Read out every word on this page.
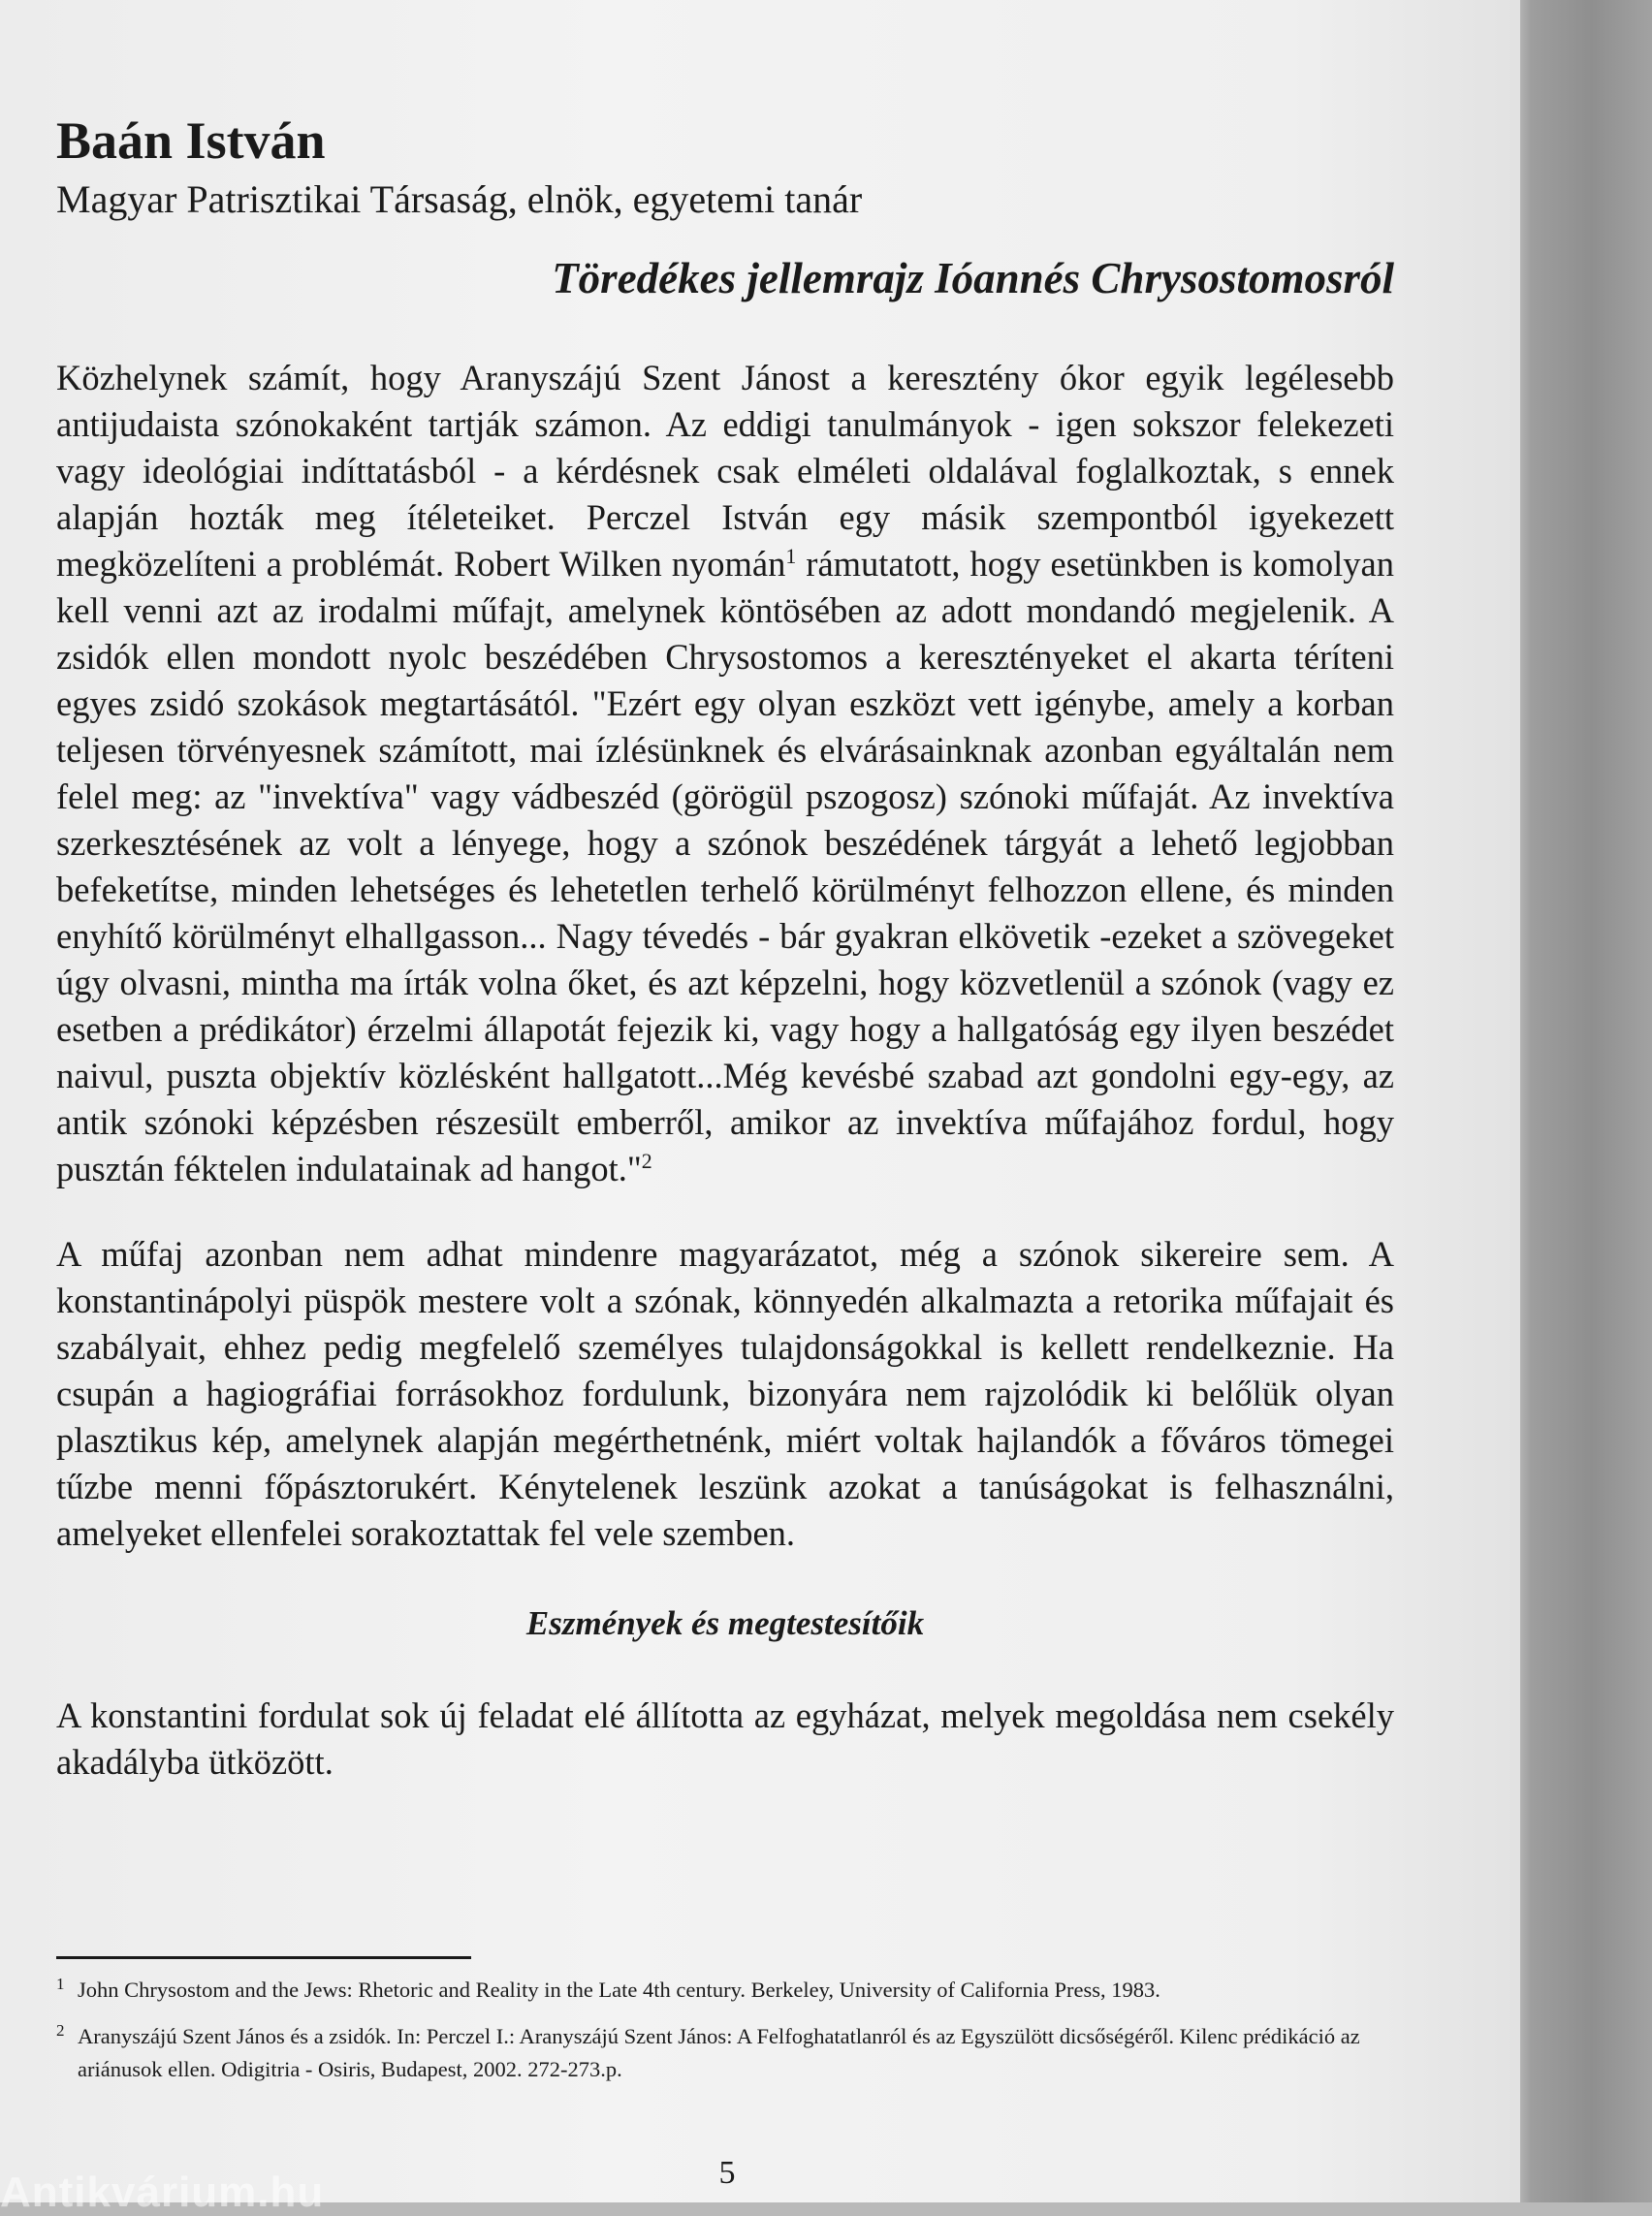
Baán István

Magyar Patrisztikai Társaság, elnök, egyetemi tanár

Töredékes jellemrajz Ióannés Chrysostomosról

Közhelynek számít, hogy Aranyszájú Szent Jánost a keresztény ókor egyik legélesebb antijudaista szónokaként tartják számon. Az eddigi tanulmányok - igen sokszor felekezeti vagy ideológiai indíttatásból - a kérdésnek csak elméleti oldalával foglalkoztak, s ennek alapján hozták meg ítéleteiket. Perczel István egy másik szempontból igyekezett megközelíteni a problémát. Robert Wilken nyomán$^1$ rámutatott, hogy esetünkben is komolyan kell venni azt az irodalmi műfajt, amelynek köntösében az adott mondandó megjelenik. A zsidók ellen mondott nyolc beszédében Chrysostomos a keresztényeket el akarta téríteni egyes zsidó szokások megtartásától. "Ezért egy olyan eszközt vett igénybe, amely a korban teljesen törvényesnek számított, mai ízlésünknek és elvárásainknak azonban egyáltalán nem felel meg: az "invektíva" vagy vádbeszéd (görögül pszogosz) szónoki műfaját. Az invektíva szerkesztésének az volt a lényege, hogy a szónok beszédének tárgyát a lehető legjobban befeketítse, minden lehetséges és lehetetlen terhelő körülményt felhozzon ellene, és minden enyhítő körülményt elhallgasson... Nagy tévedés - bár gyakran elkövetik -ezeket a szövegeket úgy olvasni, mintha ma írták volna őket, és azt képzelni, hogy közvetlenül a szónok (vagy ez esetben a prédikátor) érzelmi állapotát fejezik ki, vagy hogy a hallgatóság egy ilyen beszédet naivul, puszta objektív közlésként hallgatott...Még kevésbé szabad azt gondolni egy-egy, az antik szónoki képzésben részesült emberről, amikor az invektíva műfajához fordul, hogy pusztán féktelen indulatainak ad hangot."$^2$

A műfaj azonban nem adhat mindenre magyarázatot, még a szónok sikereire sem. A konstantinápolyi püspök mestere volt a szónak, könnyedén alkalmazta a retorika műfajait és szabályait, ehhez pedig megfelelő személyes tulajdonságokkal is kellett rendelkeznie. Ha csupán a hagiográfiai forrásokhoz fordulunk, bizonyára nem rajzolódik ki belőlük olyan plasztikus kép, amelynek alapján megérthetnénk, miért voltak hajlandók a főváros tömegei tűzbe menni főpásztorukért. Kénytelenek leszünk azokat a tanúságokat is felhasználni, amelyeket ellenfelei sorakoztattak fel vele szemben.

Eszmények és megtestesítőik

A konstantini fordulat sok új feladat elé állította az egyházat, melyek megoldása nem csekély akadályba ütközött.

1 John Chrysostom and the Jews: Rhetoric and Reality in the Late 4th century. Berkeley, University of California Press, 1983.
2 Aranyszájú Szent János és a zsidók. In: Perczel I.: Aranyszájú Szent János: A Felfoghatatlanról és az Egyszülött dicsőségéről. Kilenc prédikáció az ariánusok ellen. Odigitria - Osiris, Budapest, 2002. 272-273.p.
5
Antikvárium.hu
